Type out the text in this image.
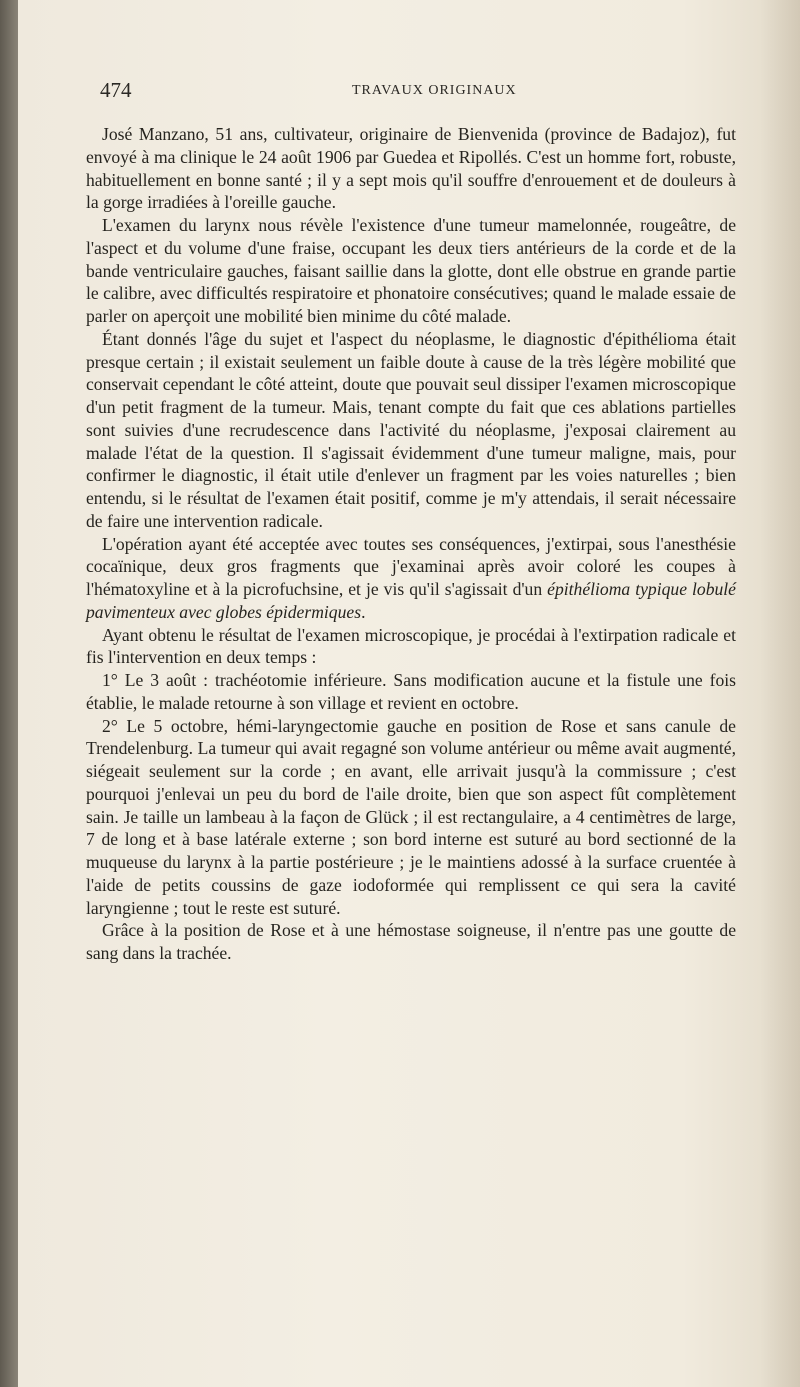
474	TRAVAUX ORIGINAUX

José Manzano, 51 ans, cultivateur, originaire de Bienvenida (province de Badajoz), fut envoyé à ma clinique le 24 août 1906 par Guedea et Ripollés. C'est un homme fort, robuste, habituellement en bonne santé ; il y a sept mois qu'il souffre d'enrouement et de douleurs à la gorge irradiées à l'oreille gauche.

L'examen du larynx nous révèle l'existence d'une tumeur mamelonnée, rougeâtre, de l'aspect et du volume d'une fraise, occupant les deux tiers antérieurs de la corde et de la bande ventriculaire gauches, faisant saillie dans la glotte, dont elle obstrue en grande partie le calibre, avec difficultés respiratoire et phonatoire consécutives; quand le malade essaie de parler on aperçoit une mobilité bien minime du côté malade.

Étant donnés l'âge du sujet et l'aspect du néoplasme, le diagnostic d'épithélioma était presque certain ; il existait seulement un faible doute à cause de la très légère mobilité que conservait cependant le côté atteint, doute que pouvait seul dissiper l'examen microscopique d'un petit fragment de la tumeur. Mais, tenant compte du fait que ces ablations partielles sont suivies d'une recrudescence dans l'activité du néoplasme, j'exposai clairement au malade l'état de la question. Il s'agissait évidemment d'une tumeur maligne, mais, pour confirmer le diagnostic, il était utile d'enlever un fragment par les voies naturelles ; bien entendu, si le résultat de l'examen était positif, comme je m'y attendais, il serait nécessaire de faire une intervention radicale.

L'opération ayant été acceptée avec toutes ses conséquences, j'extirpai, sous l'anesthésie cocaïnique, deux gros fragments que j'examinai après avoir coloré les coupes à l'hématoxyline et à la picrofuchsine, et je vis qu'il s'agissait d'un épithélioma typique lobulé pavimenteux avec globes épidermiques.

Ayant obtenu le résultat de l'examen microscopique, je procédai à l'extirpation radicale et fis l'intervention en deux temps :

1° Le 3 août : trachéotomie inférieure. Sans modification aucune et la fistule une fois établie, le malade retourne à son village et revient en octobre.

2° Le 5 octobre, hémi-laryngectomie gauche en position de Rose et sans canule de Trendelenburg. La tumeur qui avait regagné son volume antérieur ou même avait augmenté, siégeait seulement sur la corde ; en avant, elle arrivait jusqu'à la commissure ; c'est pourquoi j'enlevai un peu du bord de l'aile droite, bien que son aspect fût complètement sain. Je taille un lambeau à la façon de Glück ; il est rectangulaire, a 4 centimètres de large, 7 de long et à base latérale externe ; son bord interne est suturé au bord sectionné de la muqueuse du larynx à la partie postérieure ; je le maintiens adossé à la surface cruentée à l'aide de petits coussins de gaze iodoformée qui remplissent ce qui sera la cavité laryngienne ; tout le reste est suturé.

Grâce à la position de Rose et à une hémostase soigneuse, il n'entre pas une goutte de sang dans la trachée.
